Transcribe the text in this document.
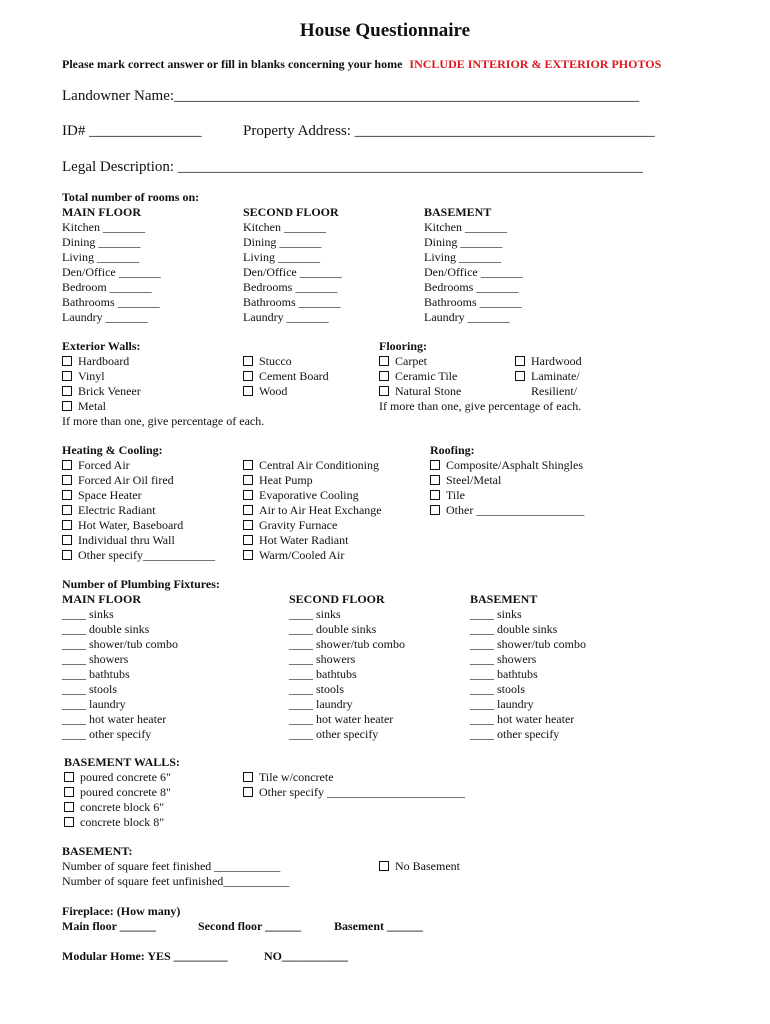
House Questionnaire
Please mark correct answer or fill in blanks concerning your home INCLUDE INTERIOR & EXTERIOR PHOTOS
Landowner Name:______________________________________________________________
ID# _______________	Property Address: ________________________________________
Legal Description: ______________________________________________________________
Total number of rooms on:
MAIN FLOOR
Kitchen _______
Dining _______
Living _______
Den/Office _______
Bedroom _______
Bathrooms _______
Laundry _______
SECOND FLOOR
Kitchen _______
Dining _______
Living _______
Den/Office _______
Bedrooms _______
Bathrooms _______
Laundry _______
BASEMENT
Kitchen _______
Dining _______
Living _______
Den/Office _______
Bedrooms _______
Bathrooms _______
Laundry _______
Exterior Walls:
Hardboard
Vinyl
Brick Veneer
Metal
If more than one, give percentage of each.
Stucco
Cement Board
Wood
Flooring:
Carpet
Ceramic Tile
Natural Stone
If more than one, give percentage of each.
Hardwood
Laminate/
Resilient/
Heating & Cooling:
Forced Air
Forced Air Oil fired
Space Heater
Electric Radiant
Hot Water, Baseboard
Individual thru Wall
Other specify____________
Central Air Conditioning
Heat Pump
Evaporative Cooling
Air to Air Heat Exchange
Gravity Furnace
Hot Water Radiant
Warm/Cooled Air
Roofing:
Composite/Asphalt Shingles
Steel/Metal
Tile
Other __________________
Number of Plumbing Fixtures:
MAIN FLOOR
____ sinks
____ double sinks
____ shower/tub combo
____ showers
____ bathtubs
____ stools
____ laundry
____ hot water heater
____ other specify
SECOND FLOOR
____ sinks
____ double sinks
____ shower/tub combo
____ showers
____ bathtubs
____ stools
____ laundry
____ hot water heater
____ other specify
BASEMENT
____ sinks
____ double sinks
____ shower/tub combo
____ showers
____ bathtubs
____ stools
____ laundry
____ hot water heater
____ other specify
BASEMENT WALLS:
poured concrete 6"
poured concrete 8"
concrete block 6"
concrete block 8"
Tile w/concrete
Other specify _______________________
BASEMENT:
Number of square feet finished ___________
Number of square feet unfinished___________
No Basement
Fireplace: (How many)
Main floor ______	Second floor ______	Basement ______
Modular Home: YES _________	NO___________
